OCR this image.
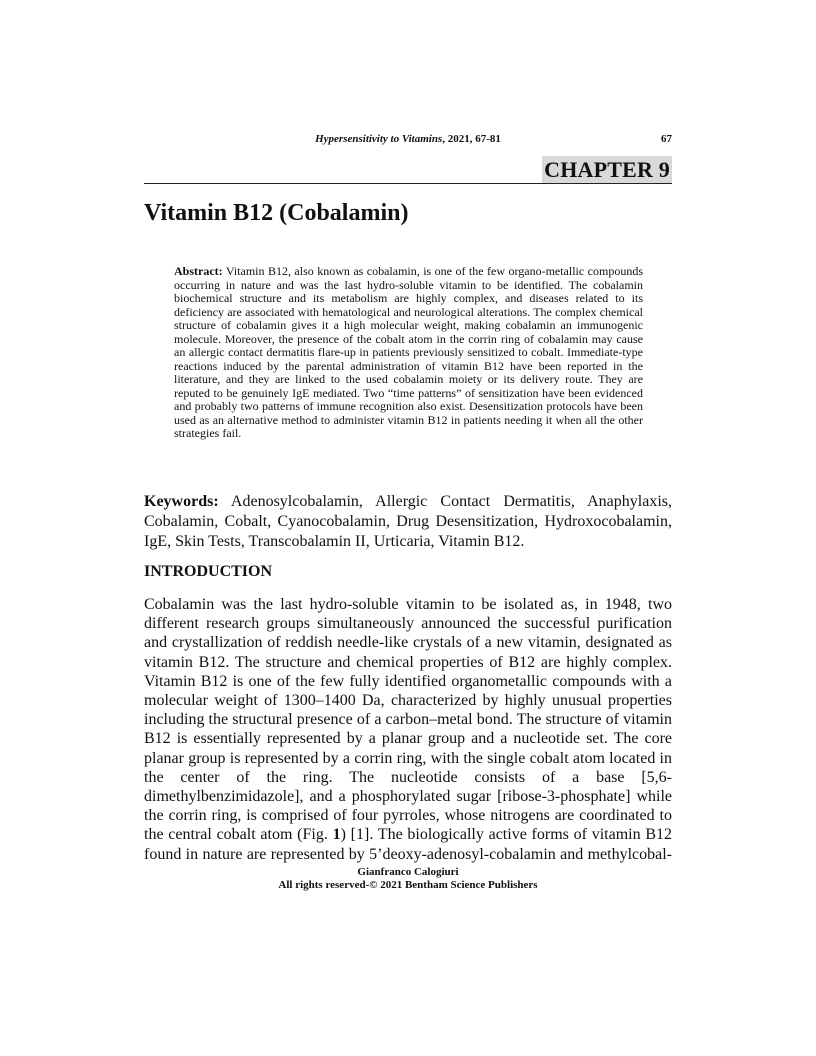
Hypersensitivity to Vitamins, 2021, 67-81	67
CHAPTER 9
Vitamin B12 (Cobalamin)

Abstract: Vitamin B12, also known as cobalamin, is one of the few organo-metallic compounds occurring in nature and was the last hydro-soluble vitamin to be identified. The cobalamin biochemical structure and its metabolism are highly complex, and diseases related to its deficiency are associated with hematological and neurological alterations. The complex chemical structure of cobalamin gives it a high molecular weight, making cobalamin an immunogenic molecule. Moreover, the presence of the cobalt atom in the corrin ring of cobalamin may cause an allergic contact dermatitis flare-up in patients previously sensitized to cobalt. Immediate-type reactions induced by the parental administration of vitamin B12 have been reported in the literature, and they are linked to the used cobalamin moiety or its delivery route. They are reputed to be genuinely IgE mediated. Two “time patterns” of sensitization have been evidenced and probably two patterns of immune recognition also exist. Desensitization protocols have been used as an alternative method to administer vitamin B12 in patients needing it when all the other strategies fail.

Keywords: Adenosylcobalamin, Allergic Contact Dermatitis, Anaphylaxis, Cobalamin, Cobalt, Cyanocobalamin, Drug Desensitization, Hydroxocobalamin, IgE, Skin Tests, Transcobalamin II, Urticaria, Vitamin B12.

INTRODUCTION

Cobalamin was the last hydro-soluble vitamin to be isolated as, in 1948, two different research groups simultaneously announced the successful purification and crystallization of reddish needle-like crystals of a new vitamin, designated as vitamin B12. The structure and chemical properties of B12 are highly complex. Vitamin B12 is one of the few fully identified organometallic compounds with a molecular weight of 1300–1400 Da, characterized by highly unusual properties including the structural presence of a carbon–metal bond. The structure of vitamin B12 is essentially represented by a planar group and a nucleotide set. The core planar group is represented by a corrin ring, with the single cobalt atom located in the center of the ring. The nucleotide consists of a base [5,6-dimethylbenzimidazole], and a phosphorylated sugar [ribose-3-phosphate] while the corrin ring, is comprised of four pyrroles, whose nitrogens are coordinated to the central cobalt atom (Fig. 1) [1]. The biologically active forms of vitamin B12 found in nature are represented by 5’deoxy-adenosyl-cobalamin and methylcobal-

Gianfranco Calogiuri
All rights reserved-© 2021 Bentham Science Publishers
